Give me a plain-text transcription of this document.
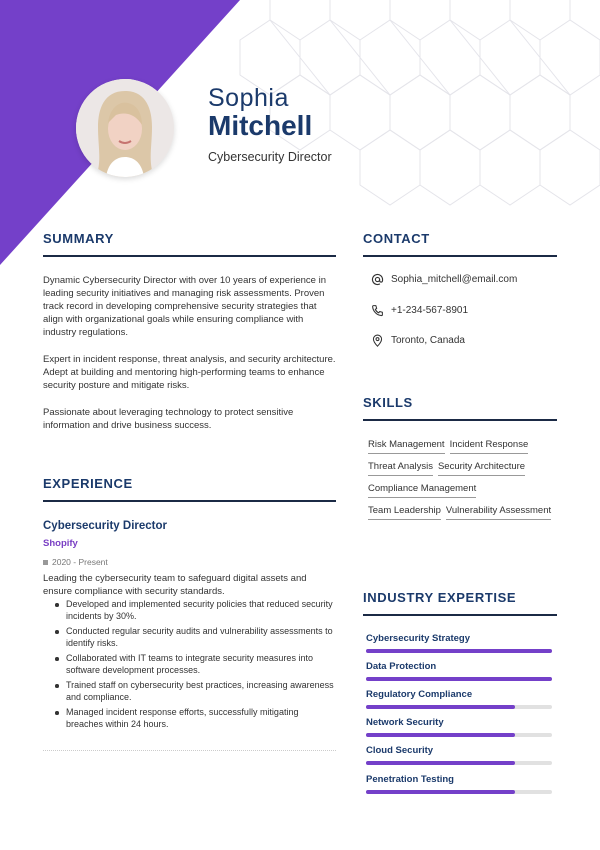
Sophia
Mitchell
Cybersecurity Director
SUMMARY

Dynamic Cybersecurity Director with over 10 years of experience in leading security initiatives and managing risk assessments. Proven track record in developing comprehensive security strategies that align with organizational goals while ensuring compliance with industry regulations.

Expert in incident response, threat analysis, and security architecture. Adept at building and mentoring high-performing teams to enhance security posture and mitigate risks.

Passionate about leveraging technology to protect sensitive information and drive business success.

EXPERIENCE
Cybersecurity Director
Shopify
2020 - Present
Leading the cybersecurity team to safeguard digital assets and ensure compliance with security standards.
Developed and implemented security policies that reduced security incidents by 30%.
Conducted regular security audits and vulnerability assessments to identify risks.
Collaborated with IT teams to integrate security measures into software development processes.
Trained staff on cybersecurity best practices, increasing awareness and compliance.
Managed incident response efforts, successfully mitigating breaches within 24 hours.
CONTACT
Sophia_mitchell@email.com
+1-234-567-8901
Toronto, Canada
SKILLS
Risk Management Incident Response
Threat Analysis Security Architecture
Compliance Management
Team Leadership Vulnerability Assessment
INDUSTRY EXPERTISE
Cybersecurity Strategy
Data Protection
Regulatory Compliance
Network Security
Cloud Security
Penetration Testing
